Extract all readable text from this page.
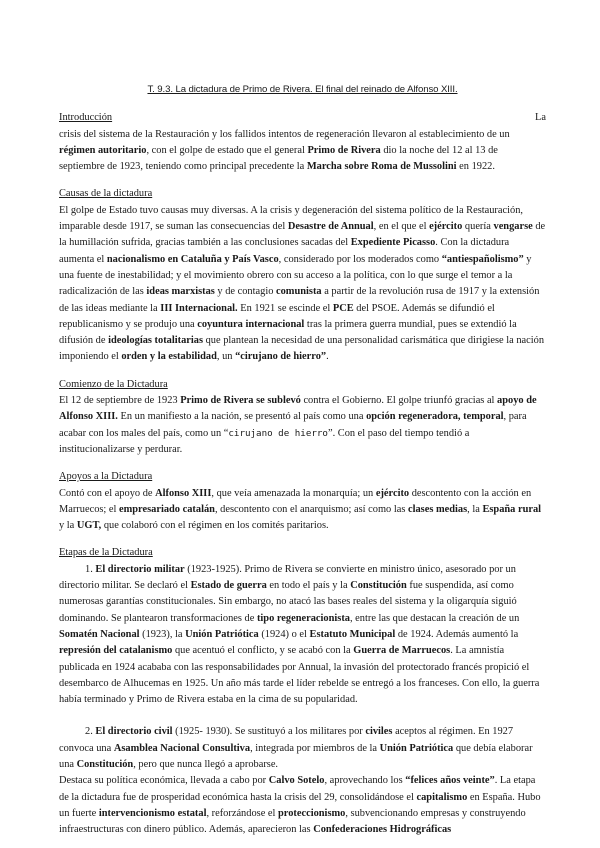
T. 9.3. La dictadura de Primo de Rivera. El final del reinado de Alfonso XIII.
Introducción	La

crisis del sistema de la Restauración y los fallidos intentos de regeneración llevaron al establecimiento de un régimen autoritario, con el golpe de estado que el general Primo de Rivera dio la noche del 12 al 13 de septiembre de 1923, teniendo como principal precedente la Marcha sobre Roma de Mussolini en 1922.

Causas de la dictadura

El golpe de Estado tuvo causas muy diversas. A la crisis y degeneración del sistema político de la Restauración, imparable desde 1917, se suman las consecuencias del Desastre de Annual, en el que el ejército quería vengarse de la humillación sufrida, gracias también a las conclusiones sacadas del Expediente Picasso. Con la dictadura aumenta el nacionalismo en Cataluña y País Vasco, considerado por los moderados como “antiespañolismo” y una fuente de inestabilidad; y el movimiento obrero con su acceso a la política, con lo que surge el temor a la radicalización de las ideas marxistas y de contagio comunista a partir de la revolución rusa de 1917 y la extensión de las ideas mediante la III Internacional. En 1921 se escinde el PCE del PSOE. Además se difundió el republicanismo y se produjo una coyuntura internacional tras la primera guerra mundial, pues se extendió la difusión de ideologías totalitarias que plantean la necesidad de una personalidad carismática que dirigiese la nación imponiendo el orden y la estabilidad, un “cirujano de hierro”.

Comienzo de la Dictadura

El 12 de septiembre de 1923 Primo de Rivera se sublevó contra el Gobierno. El golpe triunfó gracias al apoyo de Alfonso XIII. En un manifiesto a la nación, se presentó al país como una opción regeneradora, temporal, para acabar con los males del país, como un “cirujano de hierro”. Con el paso del tiempo tendió a institucionalizarse y perdurar.

Apoyos a la Dictadura

Contó con el apoyo de Alfonso XIII, que veía amenazada la monarquía; un ejército descontento con la acción en Marruecos; el empresariado catalán, descontento con el anarquismo; así como las clases medias, la España rural y la UGT, que colaboró con el régimen en los comités paritarios.

Etapas de la Dictadura

1. El directorio militar (1923-1925). Primo de Rivera se convierte en ministro único, asesorado por un directorio militar. Se declaró el Estado de guerra en todo el país y la Constitución fue suspendida, así como numerosas garantías constitucionales. Sin embargo, no atacó las bases reales del sistema y la oligarquía siguió dominando. Se plantearon transformaciones de tipo regeneracionista, entre las que destacan la creación de un Somatén Nacional (1923), la Unión Patriótica (1924) o el Estatuto Municipal de 1924. Además aumentó la represión del catalanismo que acentuó el conflicto, y se acabó con la Guerra de Marruecos. La amnistía publicada en 1924 acababa con las responsabilidades por Annual, la invasión del protectorado francés propició el desembarco de Alhucemas en 1925. Un año más tarde el líder rebelde se entregó a los franceses. Con ello, la guerra había terminado y Primo de Rivera estaba en la cima de su popularidad.

2. El directorio civil (1925- 1930). Se sustituyó a los militares por civiles aceptos al régimen. En 1927 convoca una Asamblea Nacional Consultiva, integrada por miembros de la Unión Patriótica que debía elaborar una Constitución, pero que nunca llegó a aprobarse.

Destaca su política económica, llevada a cabo por Calvo Sotelo, aprovechando los “felices años veinte”. La etapa de la dictadura fue de prosperidad económica hasta la crisis del 29, consolidándose el capitalismo en España. Hubo un fuerte intervencionismo estatal, reforzándose el proteccionismo, subvencionando empresas y construyendo infraestructuras con dinero público. Además, aparecieron las Confederaciones Hidrográficas
